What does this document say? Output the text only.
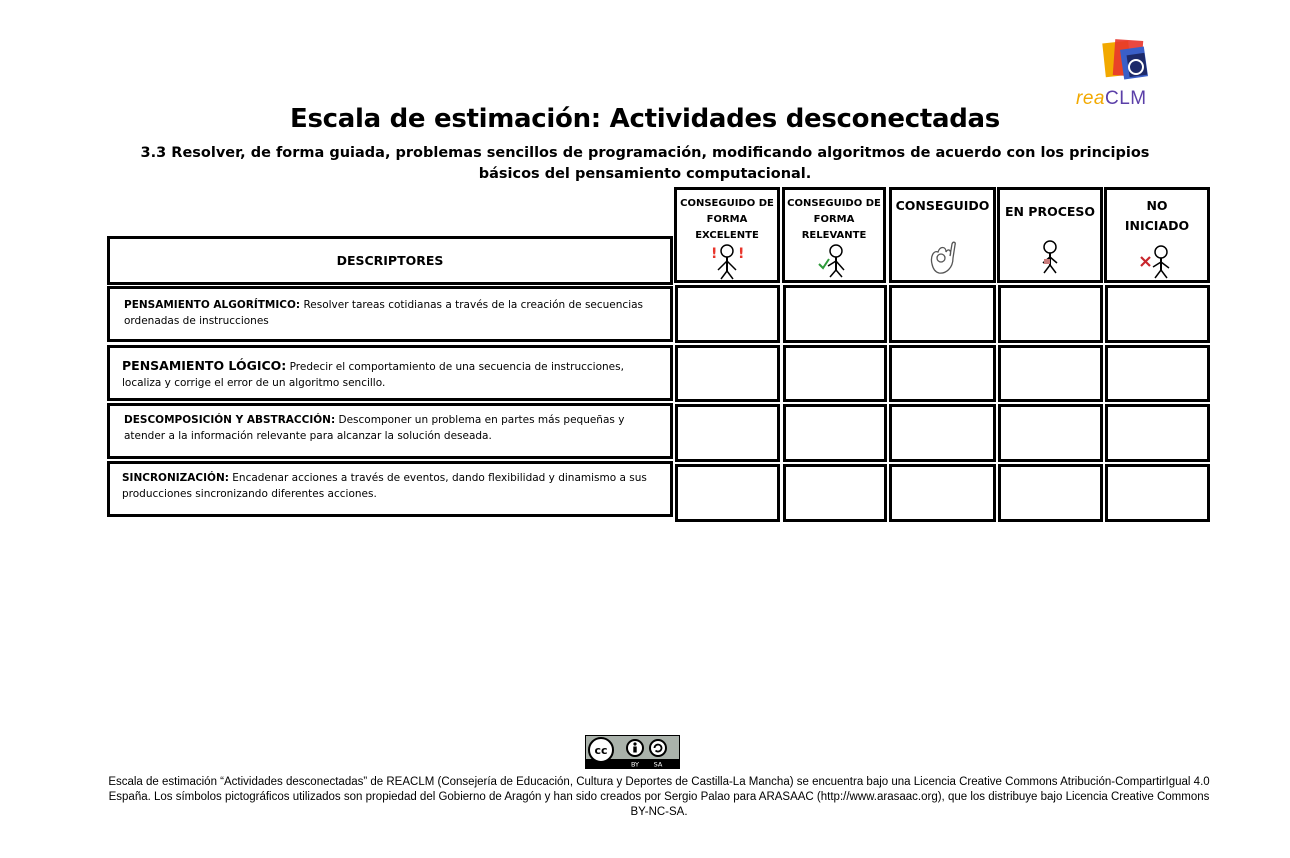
reaCLM
Escala de estimación: Actividades desconectadas
3.3 Resolver, de forma guiada, problemas sencillos de programación, modificando algoritmos de acuerdo con los principios básicos del pensamiento computacional.
DESCRIPTORES
CONSEGUIDO DE FORMA EXCELENTE
! !
CONSEGUIDO DE FORMA RELEVANTE
CONSEGUIDO	EN PROCESO	NO INICIADO
PENSAMIENTO ALGORÍTMICO: Resolver tareas cotidianas a través de la creación de secuencias ordenadas de instrucciones
PENSAMIENTO LÓGICO: Predecir el comportamiento de una secuencia de instrucciones, localiza y corrige el error de un algoritmo sencillo.
DESCOMPOSICIÓN Y ABSTRACCIÓN: Descomponer un problema en partes más pequeñas y atender a la información relevante para alcanzar la solución deseada.
SINCRONIZACIÓN: Encadenar acciones a través de eventos, dando flexibilidad y dinamismo a sus producciones sincronizando diferentes acciones.
cc
BY SA
Escala de estimación “Actividades desconectadas” de REACLM (Consejería de Educación, Cultura y Deportes de Castilla-La Mancha) se encuentra bajo una Licencia Creative Commons Atribución-CompartirIgual 4.0 España. Los símbolos pictográficos utilizados son propiedad del Gobierno de Aragón y han sido creados por Sergio Palao para ARASAAC (http://www.arasaac.org), que los distribuye bajo Licencia Creative Commons BY-NC-SA.
